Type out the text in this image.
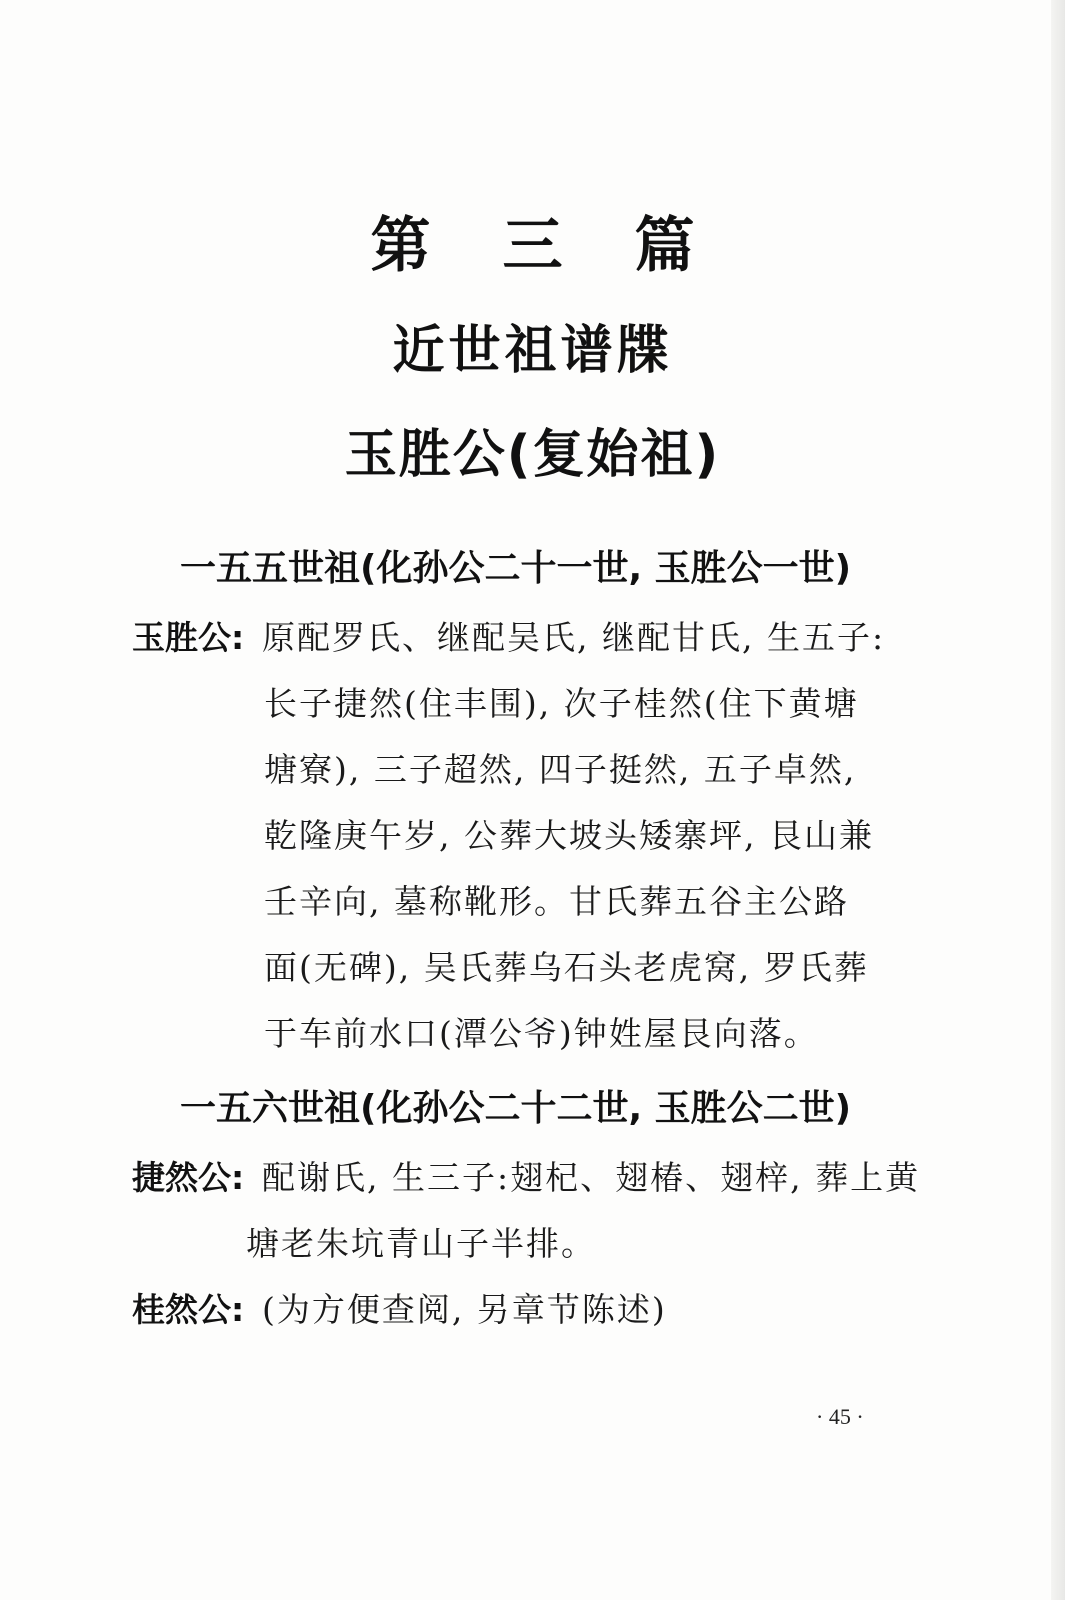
第三篇
近世祖谱牒
玉胜公(复始祖)
一五五世祖(化孙公二十一世, 玉胜公一世)
玉胜公: 原配罗氏、继配吴氏, 继配甘氏, 生五子:
长子捷然(住丰围), 次子桂然(住下黄塘
塘寮), 三子超然, 四子挺然, 五子卓然,
乾隆庚午岁, 公葬大坡头矮寨坪, 艮山兼
壬辛向, 墓称靴形。甘氏葬五谷主公路
面(无碑), 吴氏葬乌石头老虎窝, 罗氏葬
于车前水口(潭公爷)钟姓屋艮向落。
一五六世祖(化孙公二十二世, 玉胜公二世)
捷然公: 配谢氏, 生三子:翅杞、翅椿、翅梓, 葬上黄
塘老朱坑青山子半排。
桂然公: (为方便查阅, 另章节陈述)
· 45 ·
